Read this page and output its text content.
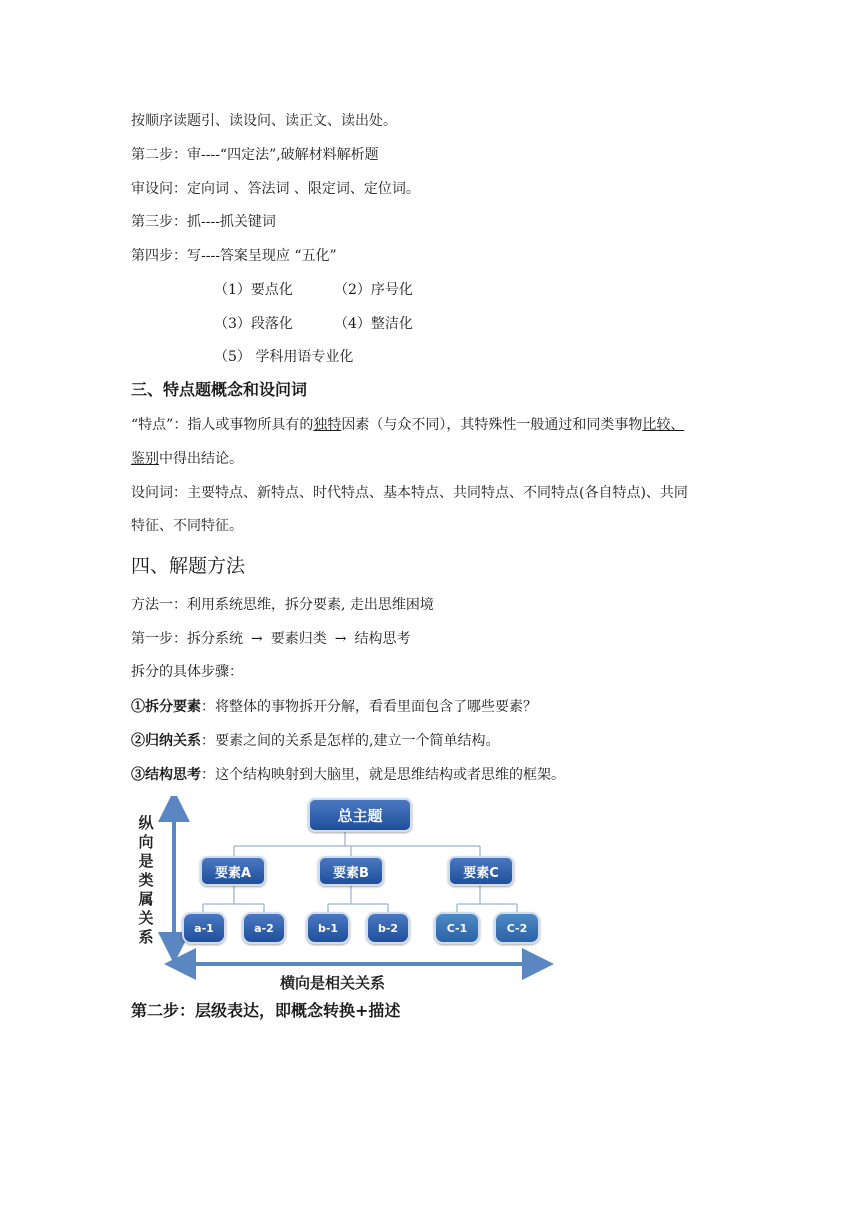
按顺序读题引、读设问、读正文、读出处。
第二步：审----“四定法”,破解材料解析题
审设问：定向词 、答法词 、限定词、定位词。
第三步：抓----抓关键词
第四步：写----答案呈现应 “五化”
（1）要点化	（2）序号化
（3）段落化	（4）整洁化
（5） 学科用语专业化
三、特点题概念和设问词
“特点”：指人或事物所具有的独特因素（与众不同），其特殊性一般通过和同类事物比较、
鉴别中得出结论。
设问词：主要特点、新特点、时代特点、基本特点、共同特点、不同特点(各自特点)、共同
特征、不同特征。
四、解题方法
方法一：利用系统思维，拆分要素, 走出思维困境
第一步：拆分系统 → 要素归类 → 结构思考
拆分的具体步骤：
①拆分要素：将整体的事物拆开分解，看看里面包含了哪些要素？
②归纳关系：要素之间的关系是怎样的,建立一个简单结构。
③结构思考：这个结构映射到大脑里，就是思维结构或者思维的框架。
纵
向
是
类
属
关
系
总主题
要素A	要素B	要素C
a-1	a-2	b-1	b-2	C-1	C-2
横向是相关关系
第二步：层级表达，即概念转换+描述
